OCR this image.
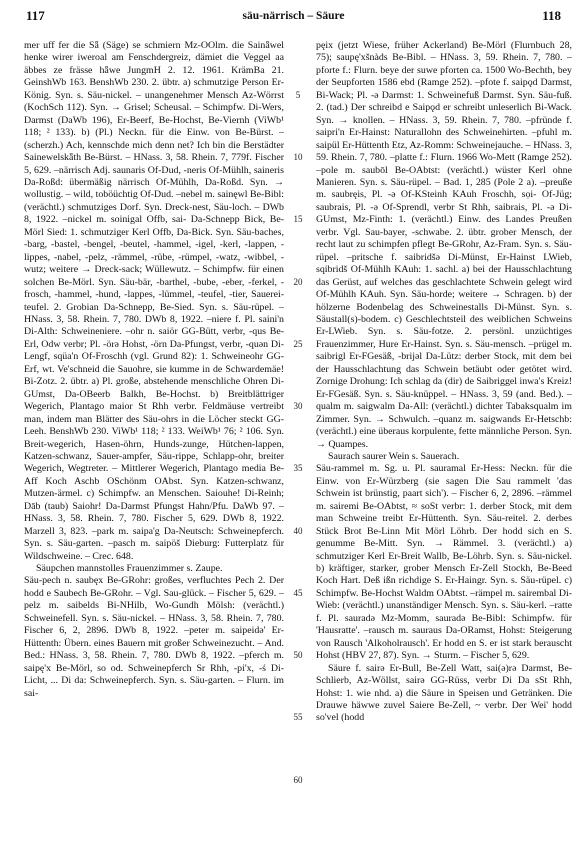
117	säu-närrisch – Säure	118

mer uff fer die Sǟ (Säge) se schmiern Mz-OOlm. die Sainǟwel henke wirer iweroal am Fenschdergreiz, dämiet die Veggel aa äbbes ze frässe hǟwe JungmH 2. 12. 1961. KrämBa 21. GeinshWb 163. BenshWb 230. 2. übtr. a) schmutzige Person Er-König. Syn. s. Säu-nickel. – unangenehmer Mensch Az-Wörrst (KochSch 112). Syn. → Grisel; Scheusal. – Schimpfw. Di-Wers, Darmst (DaWb 196), Er-Beerf, Be-Hochst, Be-Viernh (ViWb¹ 118; ² 133). b) (Pl.) Neckn. für die Einw. von Be-Bürst. – (scherzh.) Ach, kennschde mich denn net? Ich bin die Berstädter Sainewelskǟth Be-Bürst. – HNass. 3, 58. Rhein. 7, 779f. Fischer 5, 629. –närrisch Adj. saunaris Of-Dud, -neris Of-Mühlh, saineris Da-Roßd: übermäßig närrisch Of-Mühlh, Da-Roßd. Syn. → wollustig. – wild, toböüchtig Of-Dud. –nebel m. sainęwl Be-Bibl: (verächtl.) schmutziges Dorf. Syn. Dreck-nest, Säu-loch. – DWb 8, 1922. –nickel m. soinigal Offb, sai- Da-Schnepp Bick, Be-Mörl Sied: 1. schmutziger Kerl Offb, Da-Bick. Syn. Säu-baches, -barg, -bastel, -bengel, -beutel, -hammel, -igel, -kerl, -lappen, -lippes, -nabel, -pelz, -rämmel, -rübe, -rümpel, -watz, -wibbel, -wutz; weitere → Dreck-sack; Wüllewutz. – Schimpfw. für einen solchen Be-Mörl. Syn. Säu-bär, -barthel, -bube, -eber, -ferkel, -frosch, -hammel, -hund, -lappes, -lümmel, -teufel, -tier, Sauerei-teufel. 2. Grobian Da-Schnepp, Be-Sied. Syn. s. Säu-rüpel. – HNass. 3, 58. Rhein. 7, 780. DWb 8, 1922. –niere f. Pl. saini'n Di-Alth: Schweineniere. –ohr n. saiör GG-Bütt, verbr, -qus Be-Erl, Odw verbr; Pl. -örə Hohst, -örn Da-Pfungst, verbr, -quən Di-Lengf, sqüa'n Of-Froschh (vgl. Grund 82): 1. Schweineohr GG-Erf, wt. Ve'schneid die Sauohre, sie kumme in de Schwardemäe! Bi-Zotz. 2. übtr. a) Pl. große, abstehende menschliche Ohren Di-GUmst, Da-OBeerb Balkh, Be-Hochst. b) Breitblättriger Wegerich, Plantago maior St Rhh verbr. Feldmäuse vertreibt man, indem man Blätter des Säu-ohrs in die Löcher steckt GG-Leeh. BenshWb 230. ViWb¹ 118; ² 133. WeiWb¹ 76; ² 106. Syn. Breit-wegerich, Hasen-öhrn, Hunds-zunge, Hütchen-lappen, Katzen-schwanz, Sauer-ampfer, Säu-rippe, Schlapp-ohr, breiter Wegerich, Wegtreter. – Mittlerer Wegerich, Plantago media Be-Aff Koch Aschb OSchönm OAbst. Syn. Katzen-schwanz, Mutzen-ärmel. c) Schimpfw. an Menschen. Saiouhe! Di-Reinh; Dāb (taub) Saiohr! Da-Darmst Pfungst Hahn/Pfu. DaWb 97. – HNass. 3, 58. Rhein. 7, 780. Fischer 5, 629. DWb 8, 1922. Marzell 3, 823. –park m. saipa'g Da-Neutsch: Schweinepferch. Syn. s. Säu-garten. –pasch m. saipöš Dieburg: Futterplatz für Wildschweine. – Crec. 648.

Säupchen mannstolles Frauenzimmer s. Zaupe.

Säu-pech n. saubęx Be-GRohr: großes, verfluchtes Pech 2. Der hodd e Saubech Be-GRohr. – Vgl. Sau-glück. – Fischer 5, 629. –pelz m. saibelds Bi-NHilb, Wo-Gundh Mölsh: (verächtl.) Schweinefell. Syn. s. Säu-nickel. – HNass. 3, 58. Rhein. 7, 780. Fischer 6, 2, 2896. DWb 8, 1922. –peter m. saipeidə' Er-Hüttenth: Übern. eines Bauern mit großer Schweinezucht. – And. Bed.: HNass. 3, 58. Rhein. 7, 780. DWb 8, 1922. –pferch m. saipę'x Be-Mörl, so od. Schweinepferch Sr Rhh, -pi'x, -ś Di-Licht, ... Di da: Schweinepferch. Syn. s. Säu-garten. – Flurn. im sai-

pęix (jetzt Wiese, früher Ackerland) Be-Mörl (Flurnbuch 28, 75); saupę'xšnàds Be-Bibl. – HNass. 3, 59. Rhein. 7, 780. –pforte f.: Flurn. beye der suwe pforten ca. 1500 Wo-Bechth, bey der Seupforten 1586 ebd (Ramge 252). –pfote f. saipǫd Darmst, Bi-Wack; Pl. -ə Darmst: 1. Schweinefuß Darmst. Syn. Säu-fuß. 2. (tad.) Der schreibd e Saipǫd er schreibt unleserlich Bi-Wack. Syn. → knollen. – HNass. 3, 59. Rhein. 7, 780. –pfründe f. saipri'n Er-Hainst: Naturallohn des Schweinehirten. –pfuhl m. saipül Er-Hüttenth Etz, Az-Romm: Schweinejauche. – HNass. 3, 59. Rhein. 7, 780. –platte f.: Flurn. 1966 Wo-Mett (Ramge 252). –pole m. saubōl Be-OAbtst: (verächtl.) wüster Kerl ohne Manieren. Syn. s. Säu-rüpel. – Bad. 1, 285 (Pole 2 a). –preuße m. saubręis, Pl. -ə Of-KSteinh KAuh Froschh, sọi- Of-Jüg; saubrais, Pl. -ə Of-Sprendl, verbr St Rhh, saibrais, Pl. -ə Di-GUmst, Mz-Finth: 1. (verächtl.) Einw. des Landes Preußen verbr. Vgl. Sau-bayer, -schwabe. 2. übtr. grober Mensch, der recht laut zu schimpfen pflegt Be-GRohr, Az-Fram. Syn. s. Säu-rüpel. –pritsche f. saibridšə Di-Münst, Er-Hainst LWieb, sqibridš Of-Mühlh KAuh: 1. sachl. a) bei der Hausschlachtung das Gerüst, auf welches das geschlachtete Schwein gelegt wird Of-Mühlh KAuh. Syn. Säu-horde; weitere → Schragen. b) der hölzerne Bodenbelag des Schweinestalls Di-Münst. Syn. s. Säustall(s)-bodem. c) Geschlechtsteil des weiblichen Schweins Er-LWieb. Syn. s. Säu-fotze. 2. persönl. unzüchtiges Frauenzimmer, Hure Er-Hainst. Syn. s. Säu-mensch. –prügel m. saibrigl Er-FGesäß, -brijǝl Da-Lütz: derber Stock, mit dem bei der Hausschlachtung das Schwein betäubt oder getötet wird. Zornige Drohung: Ich schlag da (dir) de Saibriggel inwa's Kreiz! Er-FGesäß. Syn. s. Säu-knüppel. – HNass. 3, 59 (and. Bed.). –qualm m. saigwalm Da-All: (verächtl.) dichter Tabaksqualm im Zimmer. Syn. → Schwulch. –quanz m. saigwands Er-Hetschb: (verächtl.) eine überaus korpulente, fette männliche Person. Syn. → Quampes.

Saurach saurer Wein s. Sauerach.

Säu-rammel m. Sg. u. Pl. sauramal Er-Hess: Neckn. für die Einw. von Er-Würzberg (sie sagen Die Sau rammelt 'das Schwein ist brünstig, paart sich'). – Fischer 6, 2, 2896. –rämmel m. sairemi Be-OAbtst, ≈ soSt verbr: 1. derber Stock, mit dem man Schweine treibt Er-Hüttenth. Syn. Säu-reitel. 2. derbes Stück Brot Be-Linn Mit Mörl Löhrb. Der hodd sich en S. genumme Be-Mitt. Syn. → Rämmel. 3. (verächtl.) a) schmutziger Kerl Er-Breit Wallb, Be-Löhrb. Syn. s. Säu-nickel. b) kräftiger, starker, grober Mensch Er-Zell Stockh, Be-Beed Koch Hart. Deß ißn richdige S. Er-Haingr. Syn. s. Säu-rüpel. c) Schimpfw. Be-Hochst Waldm OAbtst. –rämpel m. sairembal Di-Wieb: (verächtl.) unanständiger Mensch. Syn. s. Säu-kerl. –ratte f. Pl. sauradə Mz-Momm, sauradə Be-Bibl: Schimpfw. für 'Hausratte'. –rausch m. sauraus Da-ORamst, Hohst: Steigerung von Rausch 'Alkoholrausch'. Er hodd en S. er ist stark berauscht Hohst (HBV 27, 87). Syn. → Sturm. – Fischer 5, 629.

Säure f. sairə Er-Bull, Be-Zell Watt, sai(ə)rə Darmst, Be-Schlierb, Az-Wöllst, sairə GG-Rüss, verbr Di Da sSt Rhh, Hohst: 1. wie nhd. a) die Säure in Speisen und Getränken. Die Drauwe häwwe zuvel Saiere Be-Zell, ~ verbr. Der Wei' hodd so'vel (hodd

5
10
15
20
25
30
35
40
45
50
55
60
